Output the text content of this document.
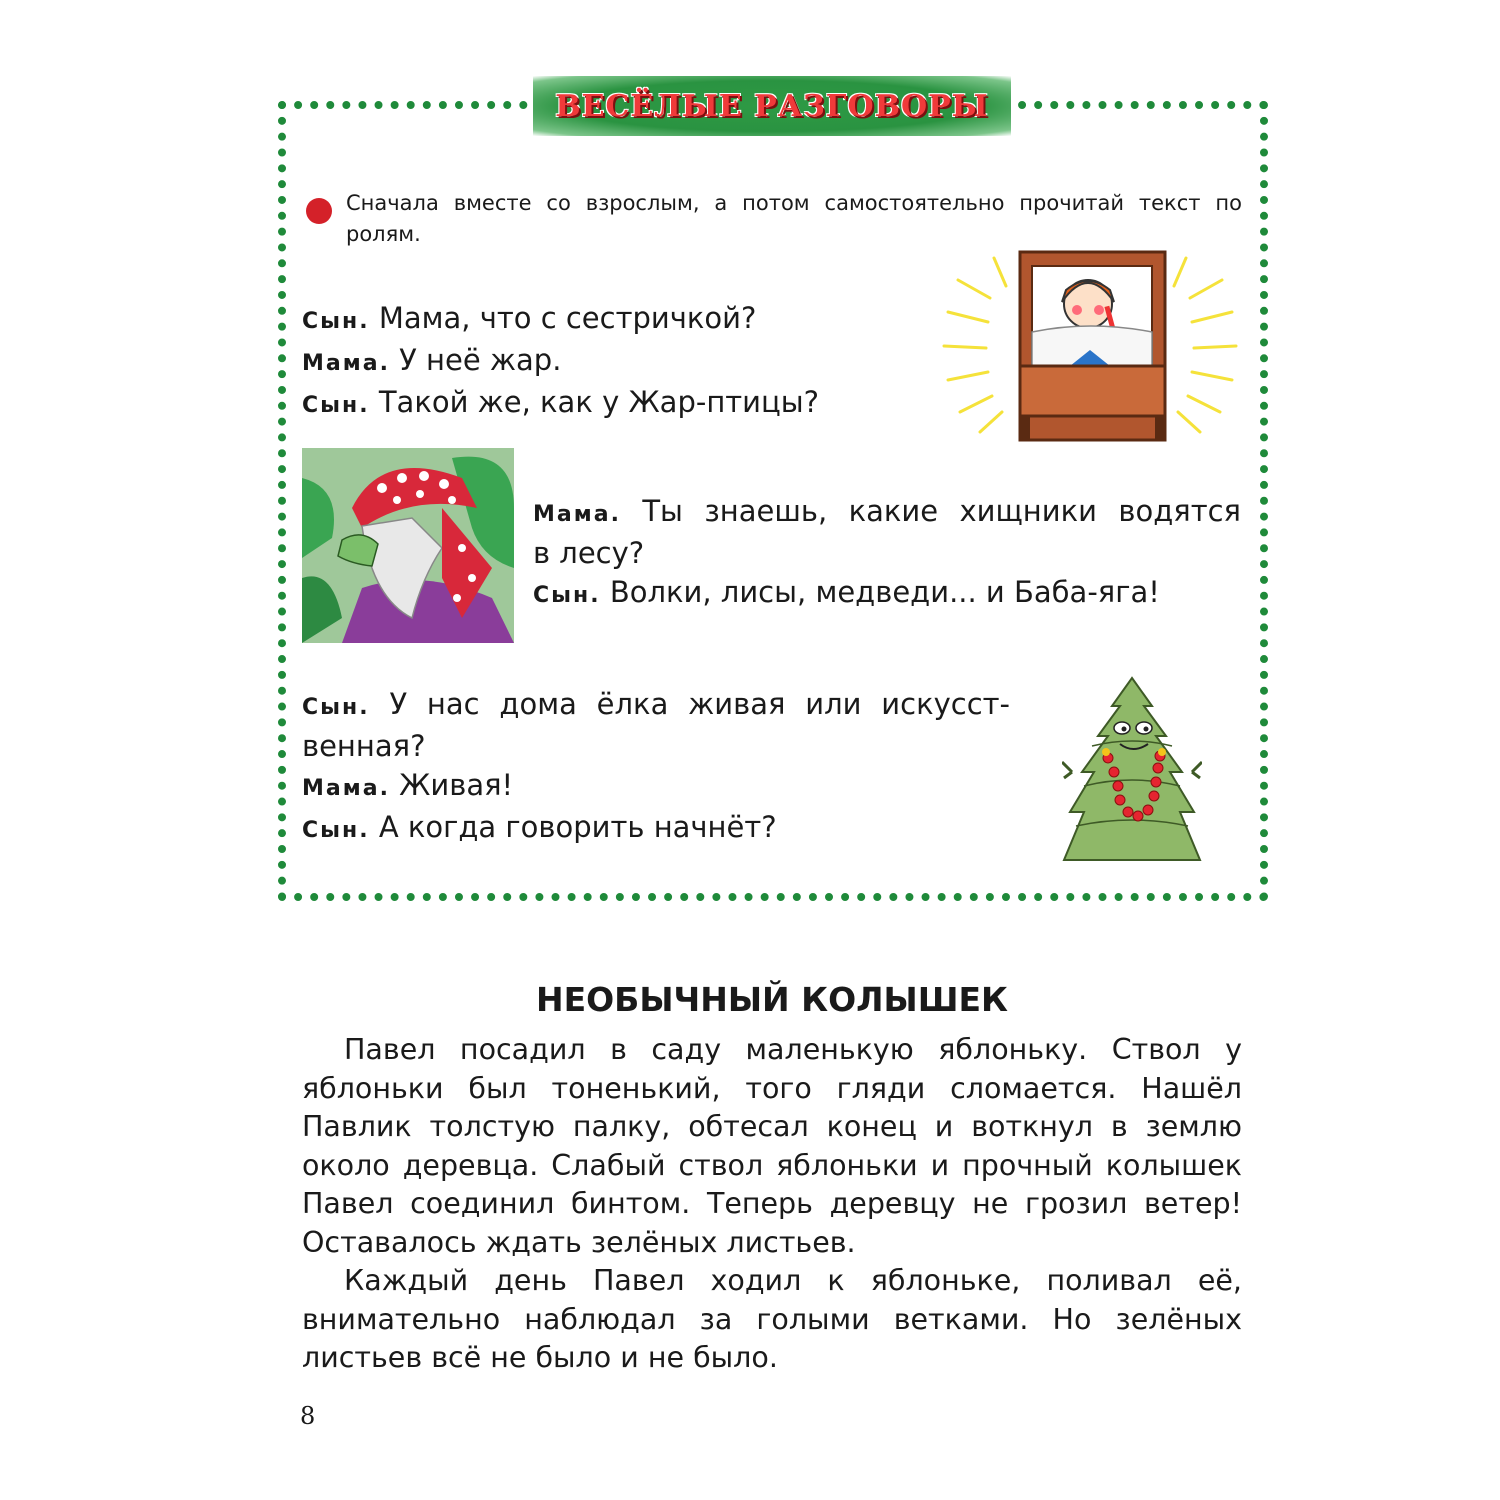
ВЕСЁЛЫЕ РАЗГОВОРЫ
Сначала вместе со взрослым, а потом самостоятельно прочитай текст по ролям.

Сын. Мама, что с сестричкой?

Мама. У неё жар.

Сын. Такой же, как у Жар-птицы?

Мама. Ты знаешь, какие хищники водятся

в лесу?

Сын. Волки, лисы, медведи... и Баба-яга!

Сын. У нас дома ёлка живая или искусст-

венная?

Мама. Живая!

Сын. А когда говорить начнёт?

НЕОБЫЧНЫЙ КОЛЫШЕК

Павел посадил в саду маленькую яблоньку. Ствол у яблоньки был тоненький, того гляди сломается. Нашёл Павлик толстую палку, обтесал конец и воткнул в землю около деревца. Слабый ствол яблоньки и прочный колышек Павел соединил бинтом. Теперь деревцу не грозил ветер! Оставалось ждать зелёных листьев.

Каждый день Павел ходил к яблоньке, поливал её, внимательно наблюдал за голыми ветками. Но зелёных листьев всё не было и не было.

8
